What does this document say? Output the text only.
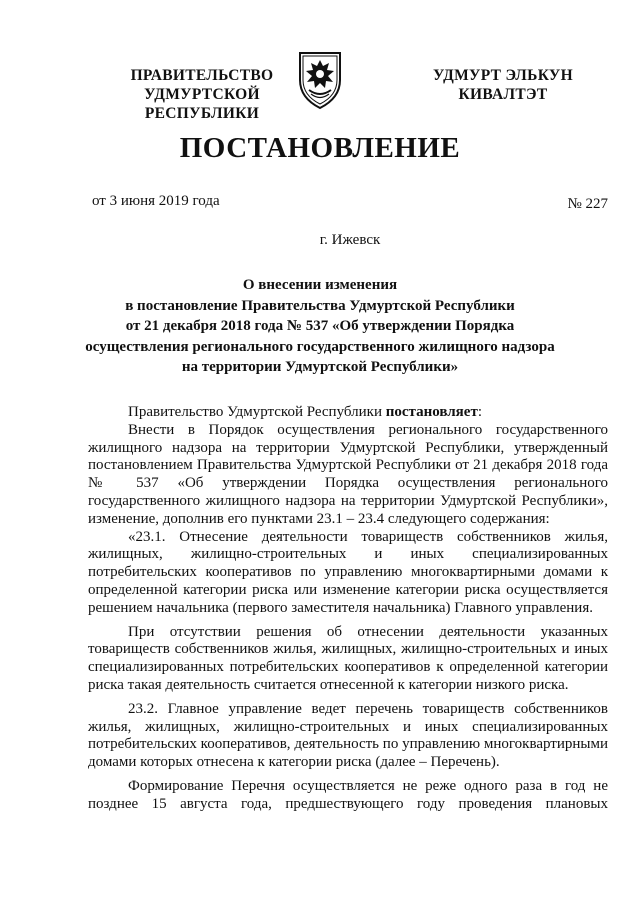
ПРАВИТЕЛЬСТВО
УДМУРТСКОЙ РЕСПУБЛИКИ
УДМУРТ ЭЛЬКУН
КИВАЛТЭТ
ПОСТАНОВЛЕНИЕ
от 3 июня 2019 года	№ 227
г. Ижевск
О внесении изменения
в постановление Правительства Удмуртской Республики
от 21 декабря 2018 года № 537 «Об утверждении Порядка
осуществления регионального государственного жилищного надзора
на территории Удмуртской Республики»

Правительство Удмуртской Республики постановляет:

Внести в Порядок осуществления регионального государственного жилищного надзора на территории Удмуртской Республики, утвержденный постановлением Правительства Удмуртской Республики от 21 декабря 2018 года № 537 «Об утверждении Порядка осуществления регионального государственного жилищного надзора на территории Удмуртской Республики», изменение, дополнив его пунктами 23.1 – 23.4 следующего содержания:

«23.1. Отнесение деятельности товариществ собственников жилья, жилищных, жилищно-строительных и иных специализированных потребительских кооперативов по управлению многоквартирными домами к определенной категории риска или изменение категории риска осуществляется решением начальника (первого заместителя начальника) Главного управления.

При отсутствии решения об отнесении деятельности указанных товариществ собственников жилья, жилищных, жилищно-строительных и иных специализированных потребительских кооперативов к определенной категории риска такая деятельность считается отнесенной к категории низкого риска.

23.2. Главное управление ведет перечень товариществ собственников жилья, жилищных, жилищно-строительных и иных специализированных потребительских кооперативов, деятельность по управлению многоквартирными домами которых отнесена к категории риска (далее – Перечень).

Формирование Перечня осуществляется не реже одного раза в год не позднее 15 августа года, предшествующего году проведения плановых
